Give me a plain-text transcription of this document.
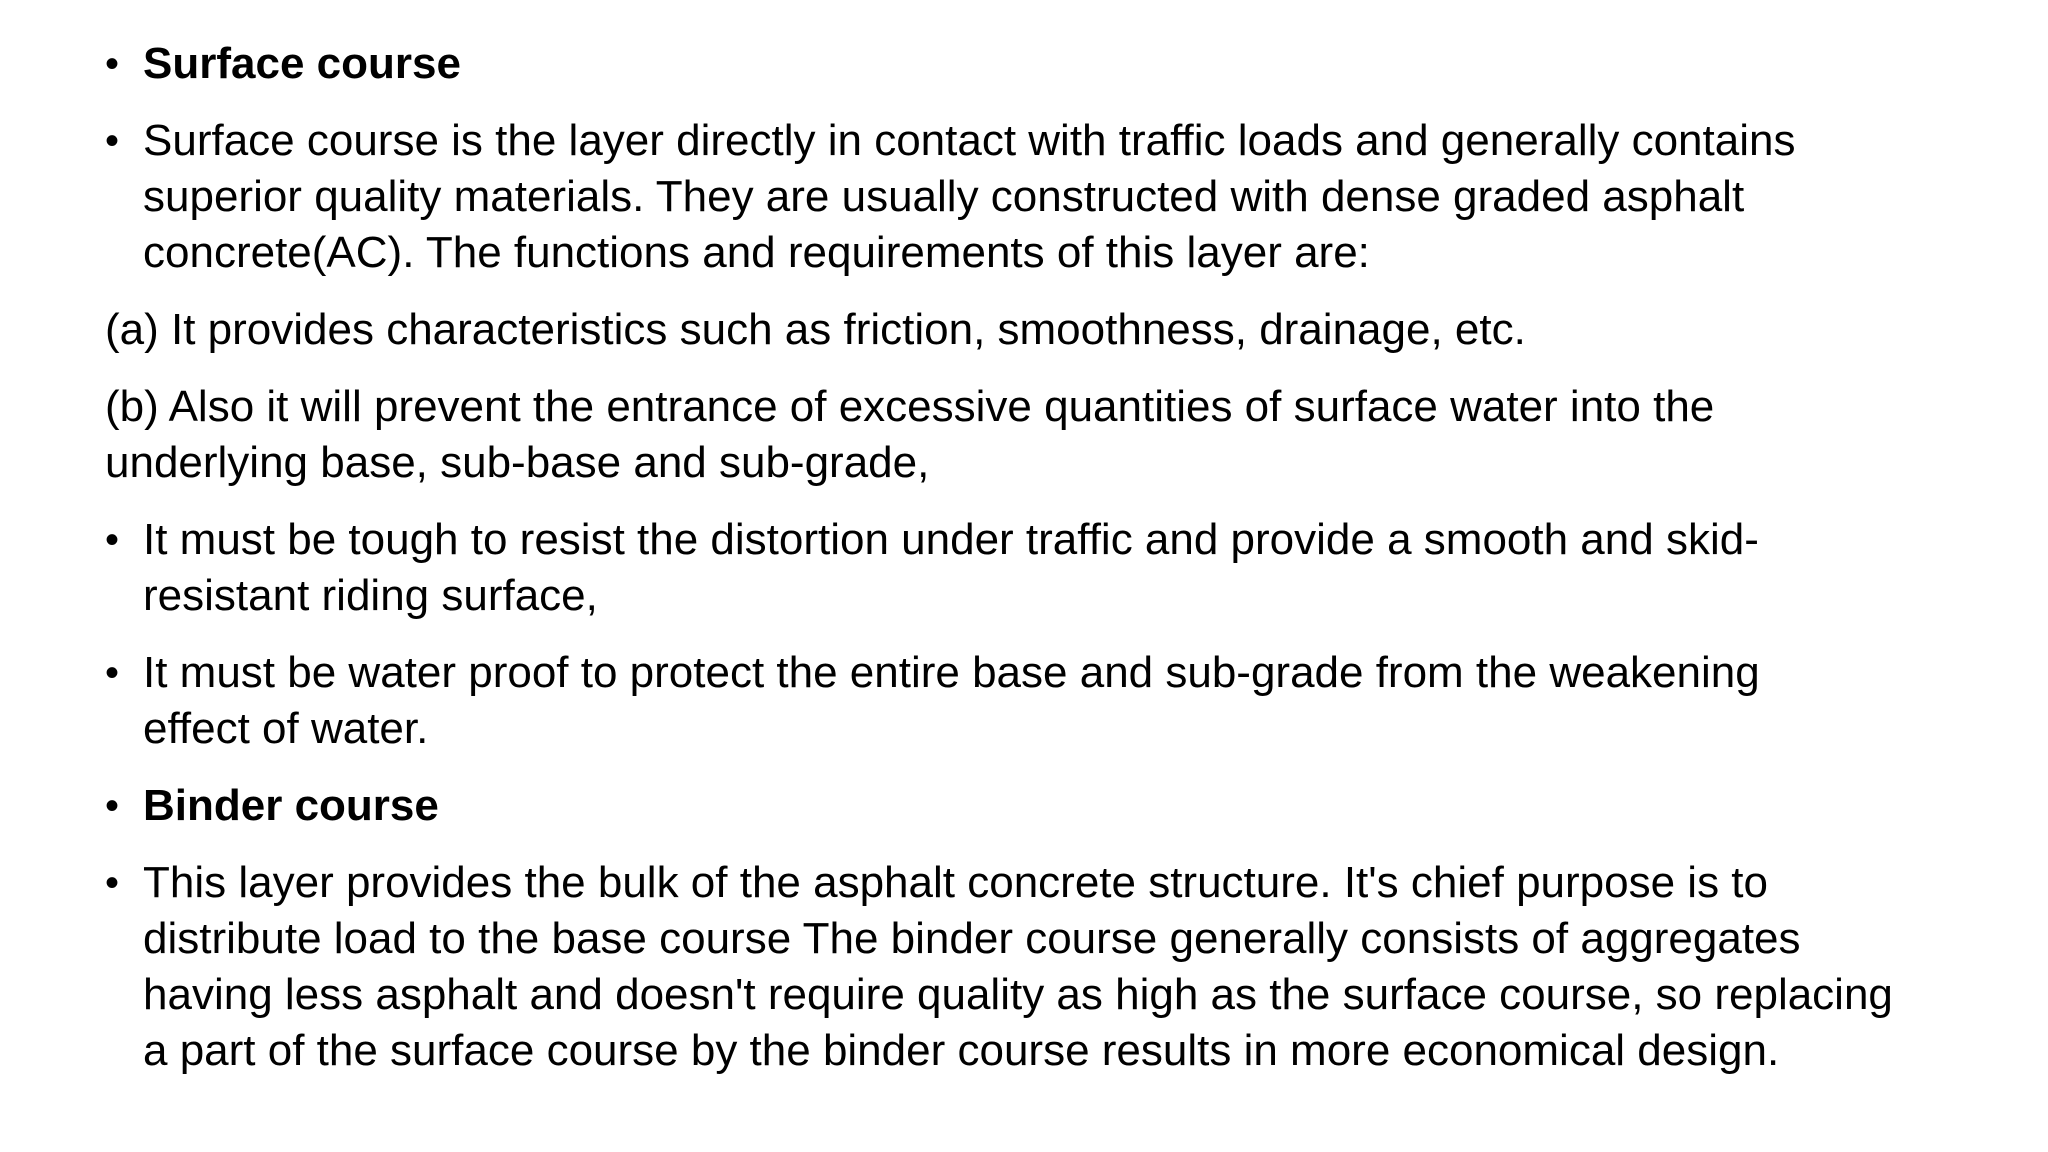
• Surface course
• Surface course is the layer directly in contact with traffic loads and generally contains
superior quality materials. They are usually constructed with dense graded asphalt
concrete(AC). The functions and requirements of this layer are:
(a) It provides characteristics such as friction, smoothness, drainage, etc.
(b) Also it will prevent the entrance of excessive quantities of surface water into the
underlying base, sub-base and sub-grade,
• It must be tough to resist the distortion under traffic and provide a smooth and skid-
resistant riding surface,
• It must be water proof to protect the entire base and sub-grade from the weakening
effect of water.
• Binder course
• This layer provides the bulk of the asphalt concrete structure. It's chief purpose is to
distribute load to the base course The binder course generally consists of aggregates
having less asphalt and doesn't require quality as high as the surface course, so replacing
a part of the surface course by the binder course results in more economical design.
